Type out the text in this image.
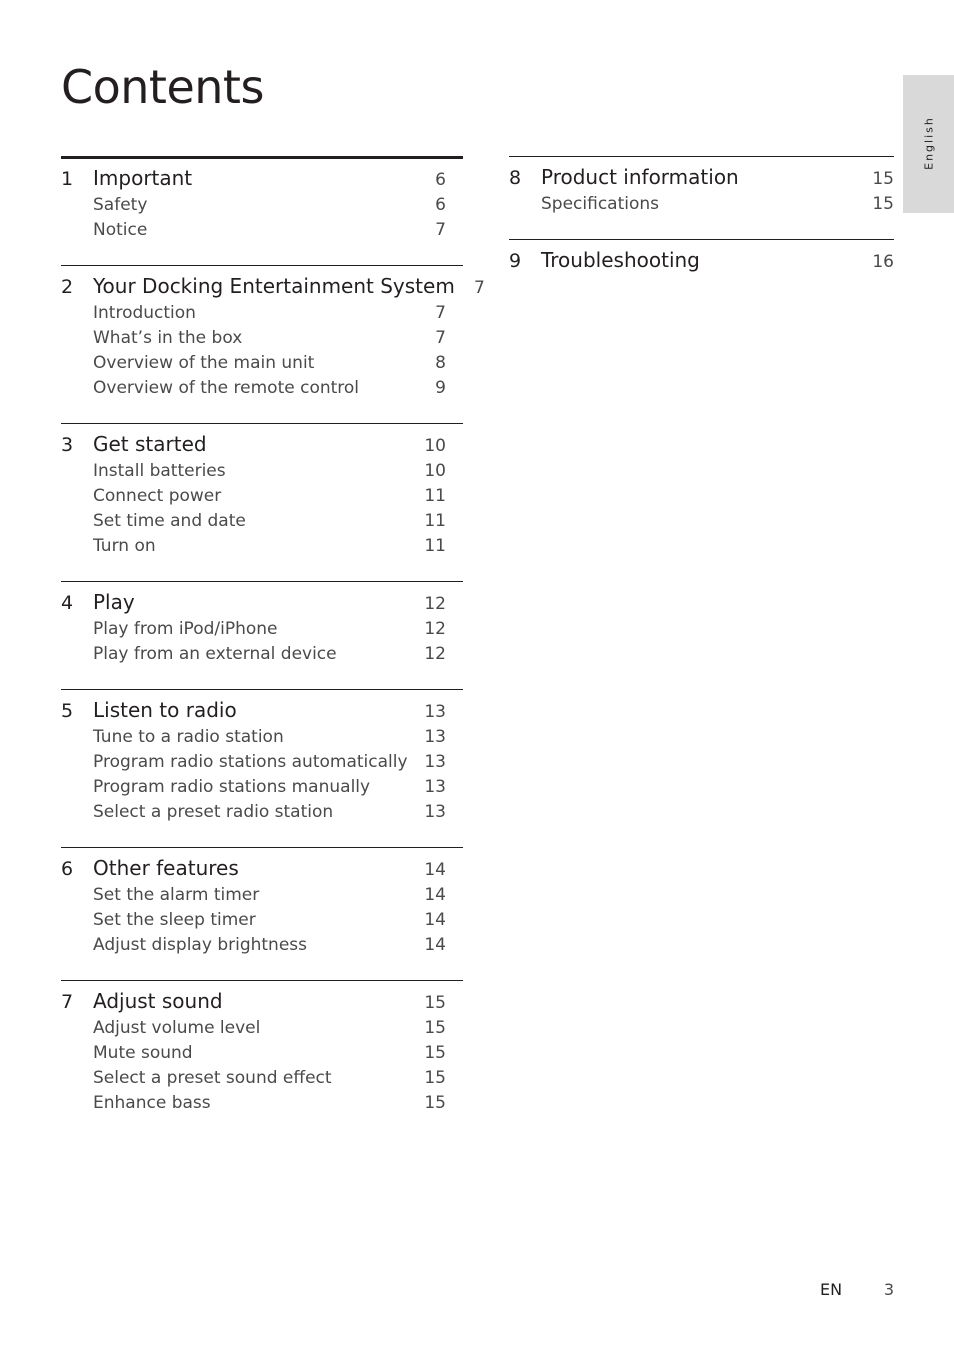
Contents
English
1 Important	6
Safety	6
Notice	7
2 Your Docking Entertainment System	7
Introduction	7
What’s in the box	7
Overview of the main unit	8
Overview of the remote control	9
3 Get started	10
Install batteries	10
Connect power	11
Set time and date	11
Turn on	11
4 Play	12
Play from iPod/iPhone	12
Play from an external device	12
5 Listen to radio	13
Tune to a radio station	13
Program radio stations automatically 13
Program radio stations manually	13
Select a preset radio station	13
6 Other features	14
Set the alarm timer	14
Set the sleep timer	14
Adjust display brightness	14
7 Adjust sound	15
Adjust volume level	15
Mute sound	15
Select a preset sound effect	15
Enhance bass	15
8 Product information	15
Specifications	15
9 Troubleshooting	16
EN	3
